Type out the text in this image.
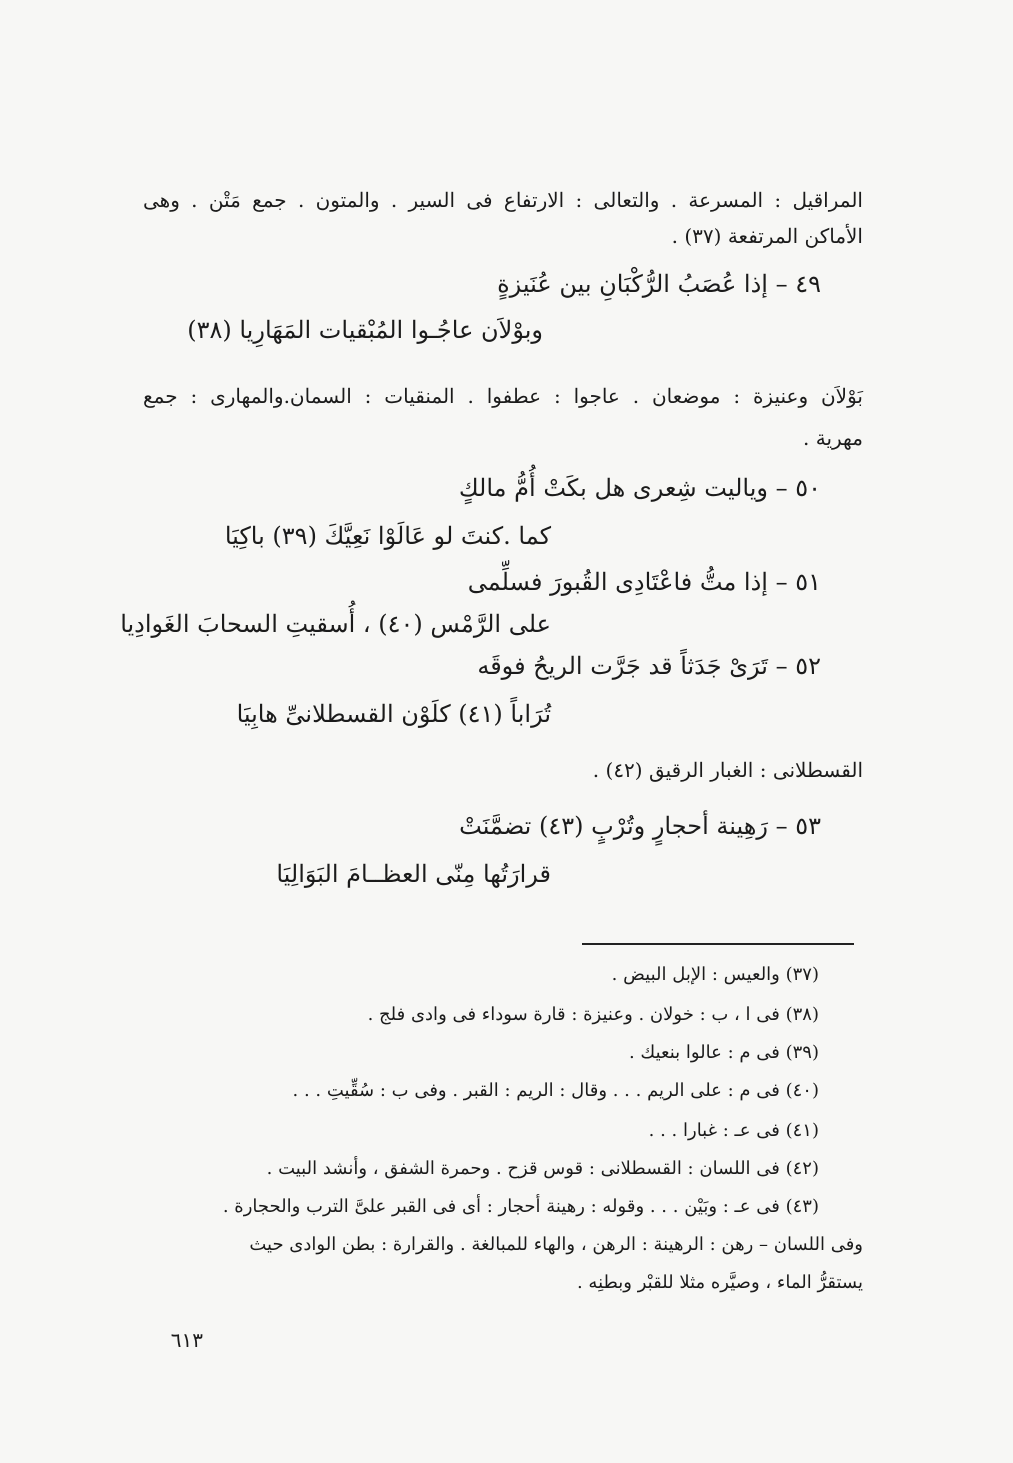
المراقيل : المسرعة . والتعالى : الارتفاع فى السير . والمتون . جمع مَتْن . وهى
الأماكن المرتفعة (٣٧) .
٤٩ – إذا عُصَبُ الرُّكْبَانِ بين عُنَيزةٍ
وبوْلاَن عاجُـوا المُبْقيات المَهَارِيا (٣٨)
بَوْلاَن وعنيزة : موضعان . عاجوا : عطفوا . المنقيات : السمان.والمهارى : جمع
مهرية .
٥٠ – وياليت شِعرى هل بكَتْ أُمُّ مالكٍ
كما .كنتَ لو عَالَوْا نَعِيَّكَ (٣٩) باكِيَا
٥١ – إذا متُّ فاعْتَادِى القُبورَ فسلِّمى
على الرَّمْس (٤٠) ، أُسقيتِ السحابَ الغَوادِيا
٥٢ – تَرَىْ جَدَثاً قد جَرَّت الريحُ فوقَه
تُرَاباً (٤١) كلَوْن القسطلانىِّ هابِيَا
القسطلانى : الغبار الرقيق (٤٢) .
٥٣ – رَهِينة أحجارٍ وتُرْبٍ (٤٣) تضمَّنَتْ
قرارَتُها مِنّى العظــامَ البَوَالِيَا
(٣٧) والعيس : الإبل البيض .
(٣٨) فى ا ، ب : خولان . وعنيزة : قارة سوداء فى وادى فلج .
(٣٩) فى م : عالوا بنعيك .
(٤٠) فى م : على الريم . . . وقال : الريم : القبر . وفى ب : سُقِّيتِ . . .
(٤١) فى عـ : غبارا . . .
(٤٢) فى اللسان : القسطلانى : قوس قزح . وحمرة الشفق ، وأنشد البيت .
(٤٣) فى عـ : وبَيْن . . . وقوله : رهينة أحجار : أى فى القبر علىَّ الترب والحجارة .
وفى اللسان – رهن : الرهينة : الرهن ، والهاء للمبالغة . والقرارة : بطن الوادى حيث
يستقرُّ الماء ، وصيَّره مثلا للقبْر وبطنِه .
٦١٣
